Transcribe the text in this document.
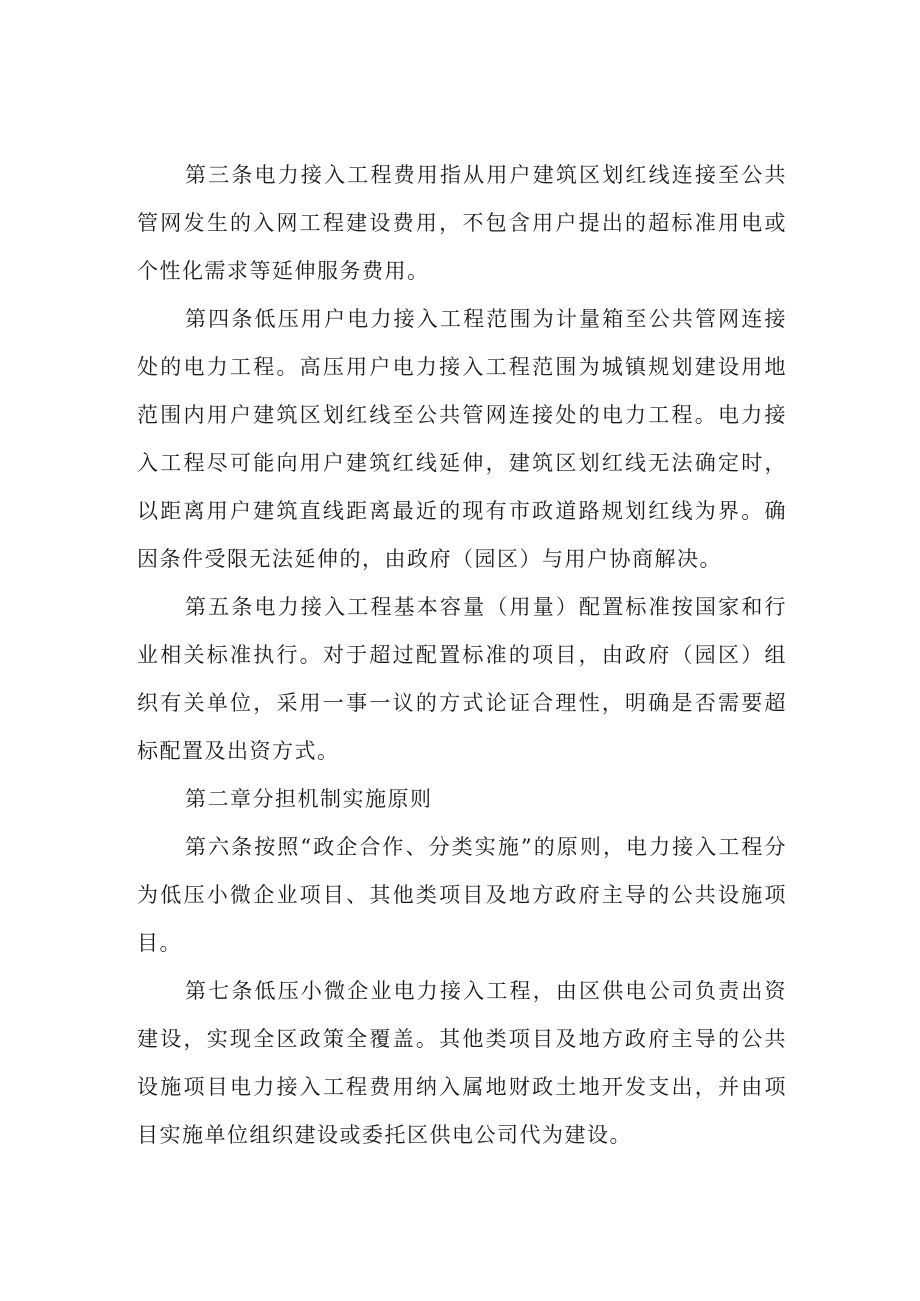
第三条电力接入工程费用指从用户建筑区划红线连接至公共管网发生的入网工程建设费用，不包含用户提出的超标准用电或个性化需求等延伸服务费用。

第四条低压用户电力接入工程范围为计量箱至公共管网连接处的电力工程。高压用户电力接入工程范围为城镇规划建设用地范围内用户建筑区划红线至公共管网连接处的电力工程。电力接入工程尽可能向用户建筑红线延伸，建筑区划红线无法确定时，以距离用户建筑直线距离最近的现有市政道路规划红线为界。确因条件受限无法延伸的，由政府（园区）与用户协商解决。

第五条电力接入工程基本容量（用量）配置标准按国家和行业相关标准执行。对于超过配置标准的项目，由政府（园区）组织有关单位，采用一事一议的方式论证合理性，明确是否需要超标配置及出资方式。

第二章分担机制实施原则

第六条按照“政企合作、分类实施”的原则，电力接入工程分为低压小微企业项目、其他类项目及地方政府主导的公共设施项目。

第七条低压小微企业电力接入工程，由区供电公司负责出资建设，实现全区政策全覆盖。其他类项目及地方政府主导的公共设施项目电力接入工程费用纳入属地财政土地开发支出，并由项目实施单位组织建设或委托区供电公司代为建设。
